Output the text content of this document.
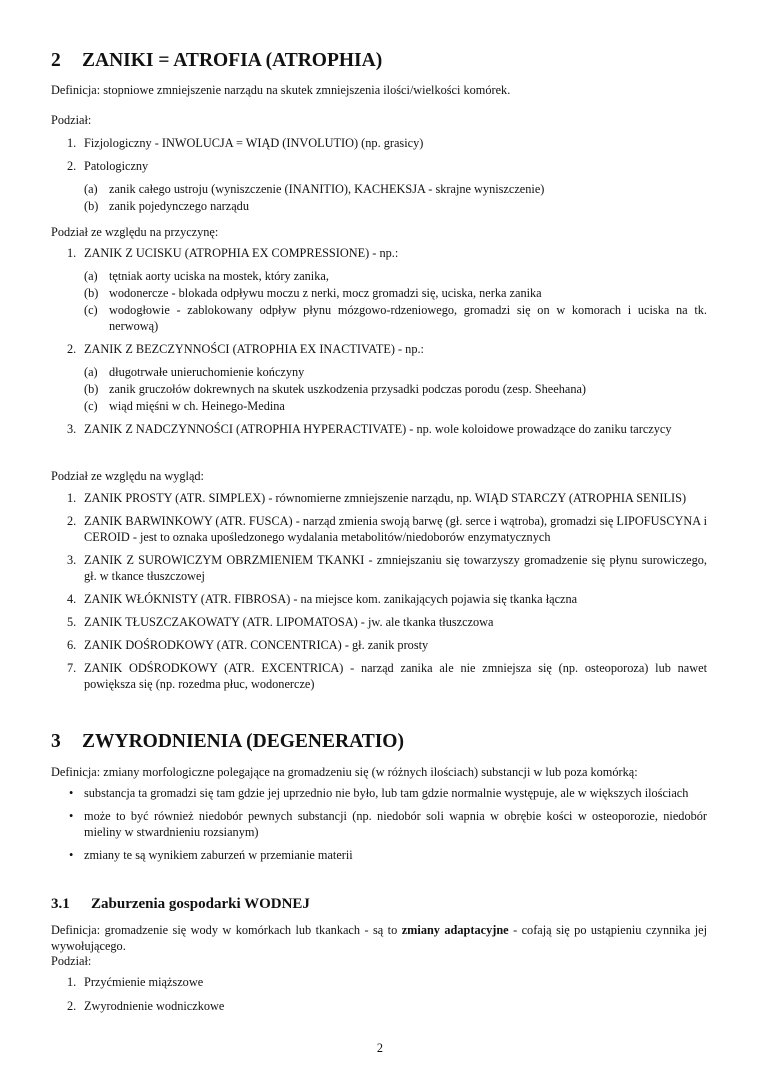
2 ZANIKI = ATROFIA (ATROPHIA)

Definicja: stopniowe zmniejszenie narządu na skutek zmniejszenia ilości/wielkości komórek.

Podział:

1. Fizjologiczny - INWOLUCJA = WIĄD (INVOLUTIO) (np. grasicy)
2. Patologiczny
(a) zanik całego ustroju (wyniszczenie (INANITIO), KACHEKSJA - skrajne wyniszczenie)
(b) zanik pojedynczego narządu

Podział ze względu na przyczynę:

1. ZANIK Z UCISKU (ATROPHIA EX COMPRESSIONE) - np.:
(a) tętniak aorty uciska na mostek, który zanika,
(b) wodonercze - blokada odpływu moczu z nerki, mocz gromadzi się, uciska, nerka zanika
(c) wodogłowie - zablokowany odpływ płynu mózgowo-rdzeniowego, gromadzi się on w komorach i uciska na tk. nerwową)
2. ZANIK Z BEZCZYNNOŚCI (ATROPHIA EX INACTIVATE) - np.:
(a) długotrwałe unieruchomienie kończyny
(b) zanik gruczołów dokrewnych na skutek uszkodzenia przysadki podczas porodu (zesp. Sheehana)
(c) wiąd mięśni w ch. Heinego-Medina
3. ZANIK Z NADCZYNNOŚCI (ATROPHIA HYPERACTIVATE) - np. wole koloidowe prowadzące do zaniku tarczycy

Podział ze względu na wygląd:

1. ZANIK PROSTY (ATR. SIMPLEX) - równomierne zmniejszenie narządu, np. WIĄD STARCZY (ATROPHIA SENILIS)
2. ZANIK BARWINKOWY (ATR. FUSCA) - narząd zmienia swoją barwę (gł. serce i wątroba), gromadzi się LIPOFUSCYNA i CEROID - jest to oznaka upośledzonego wydalania metabolitów/niedoborów enzymatycznych
3. ZANIK Z SUROWICZYM OBRZMIENIEM TKANKI - zmniejszaniu się towarzyszy gromadzenie się płynu surowiczego, gł. w tkance tłuszczowej
4. ZANIK WŁÓKNISTY (ATR. FIBROSA) - na miejsce kom. zanikających pojawia się tkanka łączna
5. ZANIK TŁUSZCZAKOWATY (ATR. LIPOMATOSA) - jw. ale tkanka tłuszczowa
6. ZANIK DOŚRODKOWY (ATR. CONCENTRICA) - gł. zanik prosty
7. ZANIK ODŚRODKOWY (ATR. EXCENTRICA) - narząd zanika ale nie zmniejsza się (np. osteoporoza) lub nawet powiększa się (np. rozedma płuc, wodonercze)
3 ZWYRODNIENIA (DEGENERATIO)

Definicja: zmiany morfologiczne polegające na gromadzeniu się (w różnych ilościach) substancji w lub poza komórką:

• substancja ta gromadzi się tam gdzie jej uprzednio nie było, lub tam gdzie normalnie występuje, ale w większych ilościach
• może to być również niedobór pewnych substancji (np. niedobór soli wapnia w obrębie kości w osteoporozie, niedobór mieliny w stwardnieniu rozsianym)
• zmiany te są wynikiem zaburzeń w przemianie materii
3.1 Zaburzenia gospodarki WODNEJ

Definicja: gromadzenie się wody w komórkach lub tkankach - są to zmiany adaptacyjne - cofają się po ustąpieniu czynnika jej wywołującego.

Podział:

1. Przyćmienie miąższowe
2. Zwyrodnienie wodniczkowe
2
